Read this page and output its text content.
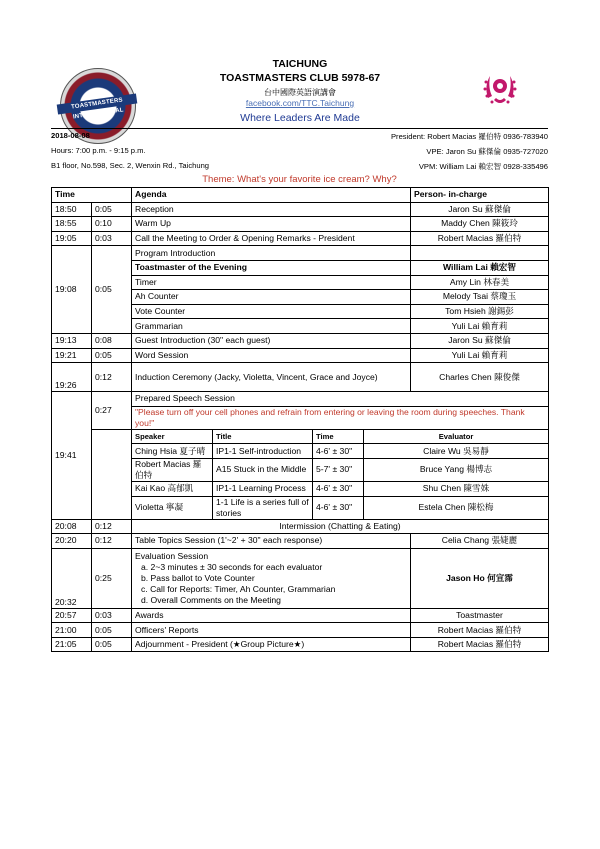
TOASTMASTERS INTERNATIONAL
TAICHUNG
TOASTMASTERS CLUB 5978-67
台中國際英語演講會
facebook.com/TTC.Taichung
Where Leaders Are Made
2018-08-08
Hours: 7:00 p.m. - 9:15 p.m.
B1 floor, No.598, Sec. 2, Wenxin Rd., Taichung
President: Robert Macias 羅伯特 0936-783940
VPE: Jaron Su 蘇傑倫 0935-727020
VPM: William Lai 賴宏智 0928-335496
Theme: What's your favorite ice cream? Why?
Time		Agenda				Person- in-charge
18:50	0:05	Reception				Jaron Su 蘇傑倫
18:55	0:10	Warm Up				Maddy Chen 陳筱玲
19:05	0:03	Call the Meeting to Order & Opening Remarks - President				Robert Macias 羅伯特
19:08	0:05	Program Introduction				
		Toastmaster of the Evening				William Lai 賴宏智
		Timer				Amy Lin 林春美
		Ah Counter				Melody Tsai 蔡瓊玉
		Vote Counter				Tom Hsieh 謝錫彭
		Grammarian				Yuli Lai 賴育莉
19:13	0:08	Guest Introduction (30" each guest)				Jaron Su 蘇傑倫
19:21	0:05	Word Session				Yuli Lai 賴育莉
19:26	0:12	Induction Ceremony (Jacky, Violetta, Vincent, Grace and Joyce)				Charles Chen 陳俊傑
19:41	0:27	Prepared Speech Session				
		"Please turn off your cell phones and refrain from entering or leaving the room during speeches. Thank you!"				
		Speaker	Title	Time	Evaluator	

		Ching Hsia 夏子晴	IP1-1 Self-introduction	4-6' ± 30"	Claire Wu 吳易靜	
		Robert Macias 羅伯特	A15 Stuck in the Middle	5-7' ± 30"	Bruce Yang 楊博志	
		Kai Kao 高郁凱	IP1-1 Learning Process	4-6' ± 30"	Shu Chen 陳雪姝	
		Violetta 寧凝	1-1 Life is a series full of stories	4-6' ± 30"	Estela Chen 陳松梅	
20:08	0:12	Intermission (Chatting & Eating)				
20:20	0:12	Table Topics Session (1'~2' + 30" each response)				Celia Chang 張婕麗
20:32	0:25	Evaluation Session
a. 2~3 minutes ± 30 seconds for each evaluator
b. Pass ballot to Vote Counter
c. Call for Reports: Timer, Ah Counter, Grammarian
d. Overall Comments on the Meeting				Jason Ho 何宣霈
20:57	0:03	Awards				Toastmaster
21:00	0:05	Officers' Reports				Robert Macias 羅伯特
21:05	0:05	Adjournment - President (★Group Picture★)				Robert Macias 羅伯特
